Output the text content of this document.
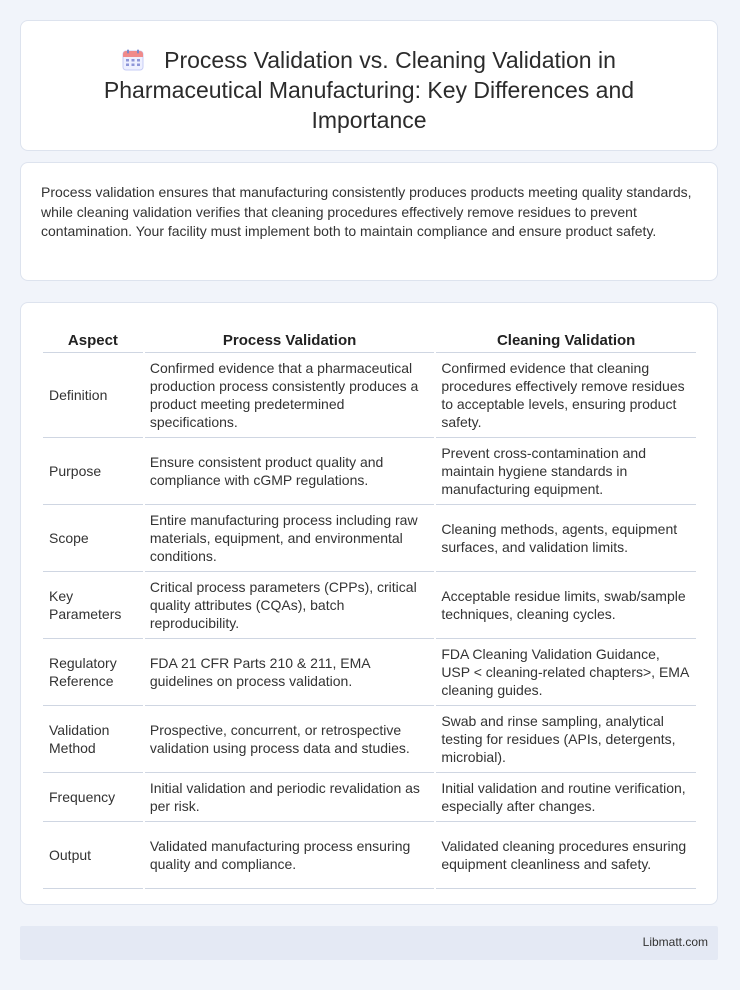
Process Validation vs. Cleaning Validation in Pharmaceutical Manufacturing: Key Differences and Importance
Process validation ensures that manufacturing consistently produces products meeting quality standards, while cleaning validation verifies that cleaning procedures effectively remove residues to prevent contamination. Your facility must implement both to maintain compliance and ensure product safety.
Aspect	Process Validation	Cleaning Validation
Definition	Confirmed evidence that a pharmaceutical production process consistently produces a product meeting predetermined specifications.	Confirmed evidence that cleaning procedures effectively remove residues to acceptable levels, ensuring product safety.
Purpose	Ensure consistent product quality and compliance with cGMP regulations.	Prevent cross-contamination and maintain hygiene standards in manufacturing equipment.
Scope	Entire manufacturing process including raw materials, equipment, and environmental conditions.	Cleaning methods, agents, equipment surfaces, and validation limits.
Key Parameters	Critical process parameters (CPPs), critical quality attributes (CQAs), batch reproducibility.	Acceptable residue limits, swab/sample techniques, cleaning cycles.
Regulatory Reference	FDA 21 CFR Parts 210 & 211, EMA guidelines on process validation.	FDA Cleaning Validation Guidance, USP < cleaning-related chapters>, EMA cleaning guides.
Validation Method	Prospective, concurrent, or retrospective validation using process data and studies.	Swab and rinse sampling, analytical testing for residues (APIs, detergents, microbial).
Frequency	Initial validation and periodic revalidation as per risk.	Initial validation and routine verification, especially after changes.
Output	Validated manufacturing process ensuring quality and compliance.	Validated cleaning procedures ensuring equipment cleanliness and safety.
Libmatt.com
